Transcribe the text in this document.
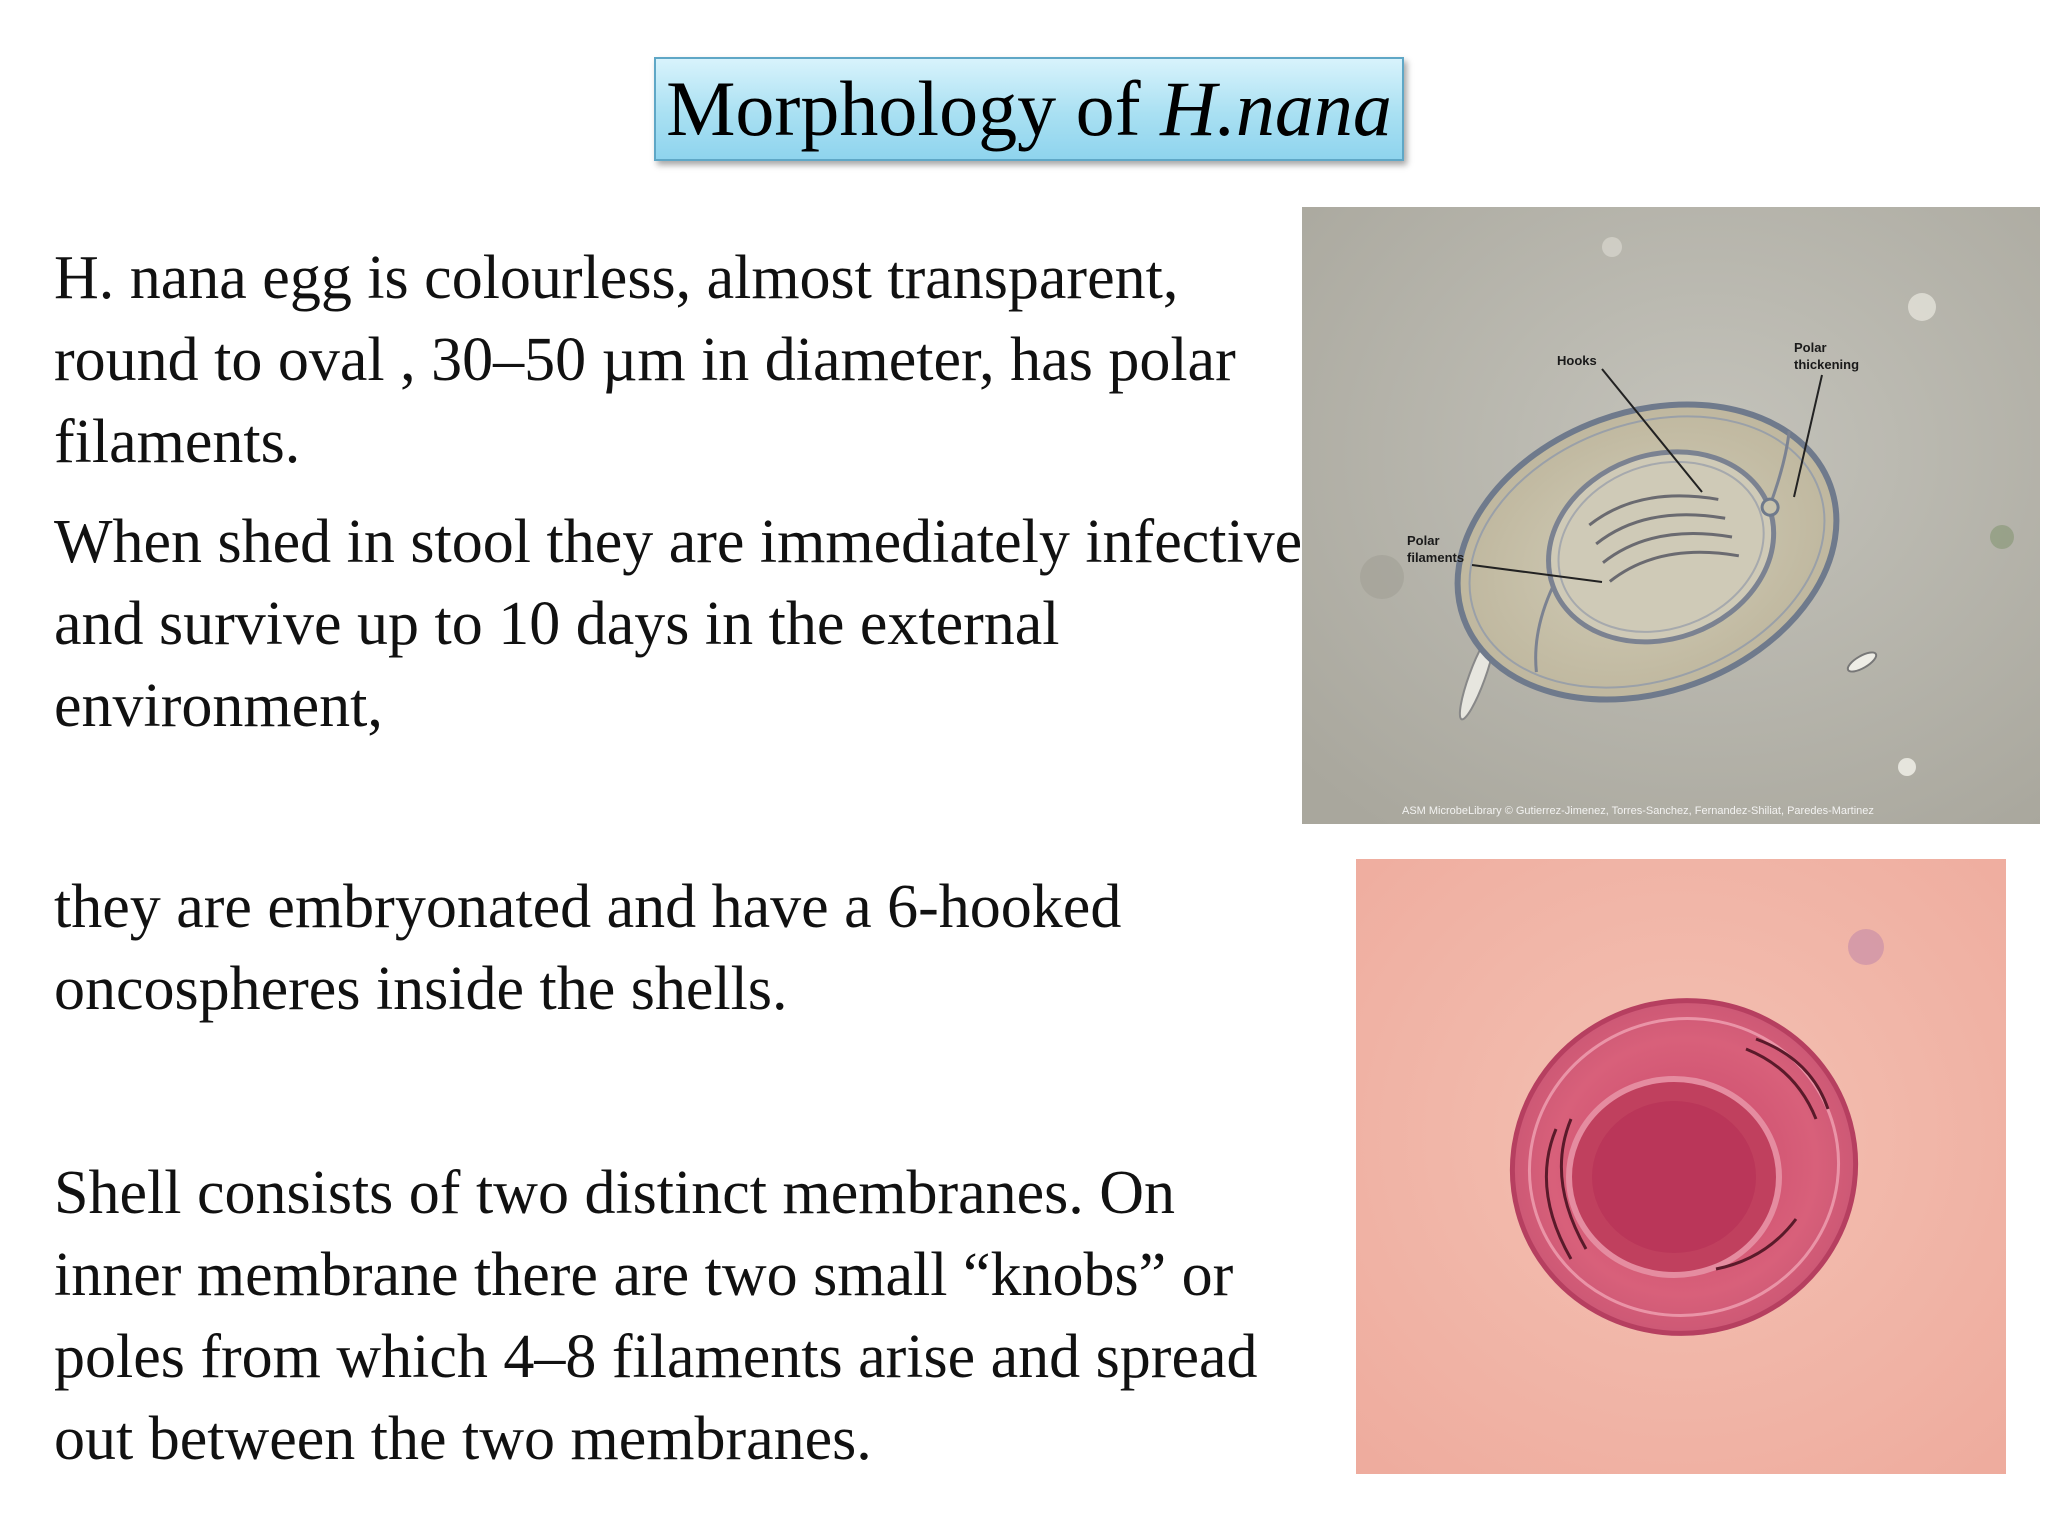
Morphology of H.nana

H. nana egg is colourless, almost transparent, round to oval , 30–50 µm in diameter, has polar filaments.

When shed in stool they are immediately infective and survive up to 10 days in the external environment,

they are embryonated and have a 6-hooked oncospheres inside the shells.

Shell consists of two distinct membranes. On inner membrane there are two small “knobs” or poles from which 4–8 filaments arise and spread out between the two membranes.

Hooks
Polar
thickening
Polar
filaments
ASM MicrobeLibrary © Gutierrez-Jimenez, Torres-Sanchez, Fernandez-Shiliat, Paredes-Martinez
